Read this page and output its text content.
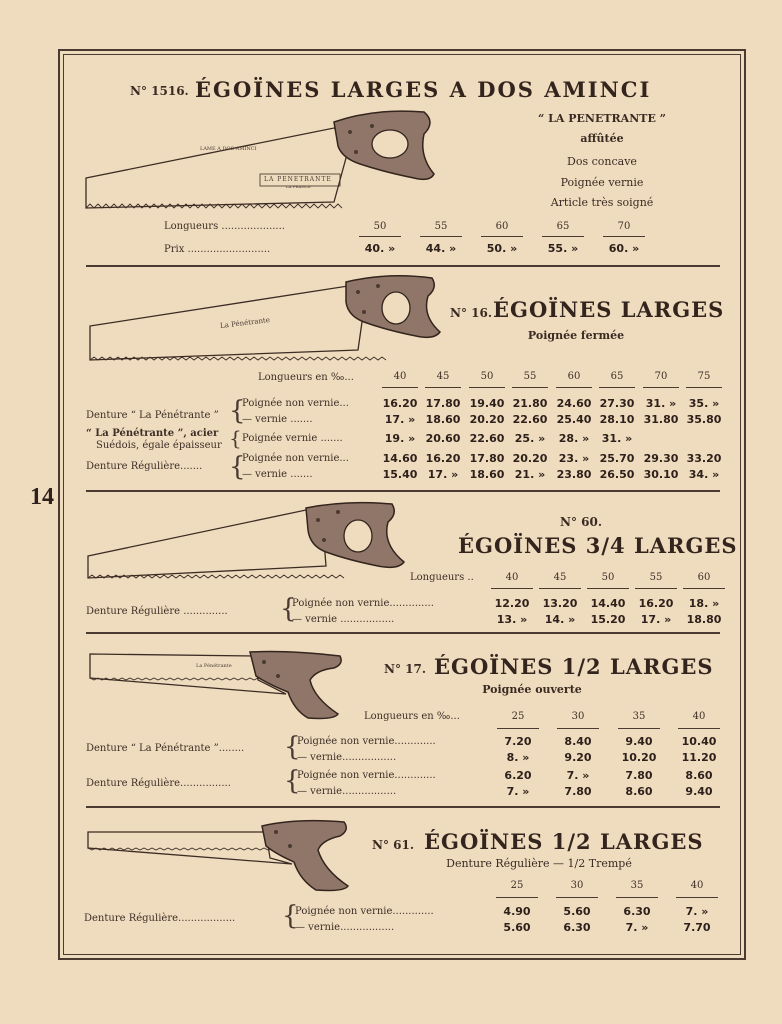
14
LAME A DOS AMINCI
LA PENETRANTE
LA FRANCE
N° 1516. ÉGOÏNES LARGES A DOS AMINCI
“ LA PENETRANTE ”
affûtée
Dos concave
Poignée vernie
Article très soigné
Longueurs ....................
Prix ..........................
50	55	60	65	70
40. »	44. »	50. »	55. »	60. »
La Pénétrante
N° 16. ÉGOÏNES LARGES
Poignée fermée
Longueurs en ‰...	40	45	50	55	60	65	70	75
Denture “ La Pénétrante ”
“ La Pénétrante ”, acier
Suédois, égale épaisseur
Denture Régulière.......
{
{
{
Poignée non vernie...
— vernie .......
Poignée vernie .......
Poignée non vernie...
— vernie .......
16.20 17.80 19.40 21.80 24.60 27.30	31. »	35. »
17. » 18.60 20.20 22.60 25.40 28.10 31.80 35.80
19. » 20.60 22.60 25. »	28. »	31. »
14.60 16.20 17.80 20.20	23. » 25.70 29.30 33.20
15.40 17. »	18.60 21. »	23.80 26.50 30.10 34. »
N° 60.
ÉGOÏNES 3/4 LARGES
Longueurs ..	40	45	50	55	60
Denture Régulière .............. {
Poignée non vernie..............
— vernie .................
12.20	13.20	14.40	16.20	18. »
13. »	14. »	15.20	17. »	18.80
La Pénétrante	N° 17. ÉGOÏNES 1/2 LARGES
Poignée ouverte
Longueurs en ‰...	25	30	35	40
Denture “ La Pénétrante ”........
Denture Régulière................
{
{
Poignée non vernie.............
— vernie.................
Poignée non vernie.............
— vernie.................
7.20	8.40	9.40	10.40
8. »	9.20	10.20	11.20
6.20	7. »	7.80	8.60
7. »	7.80	8.60	9.40
N° 61. ÉGOÏNES 1/2 LARGES
Denture Régulière — 1/2 Trempé
25	30	35	40
Denture Régulière.................. {
Poignée non vernie.............
— vernie.................
4.90	5.60	6.30	7. »
5.60	6.30	7. »	7.70
